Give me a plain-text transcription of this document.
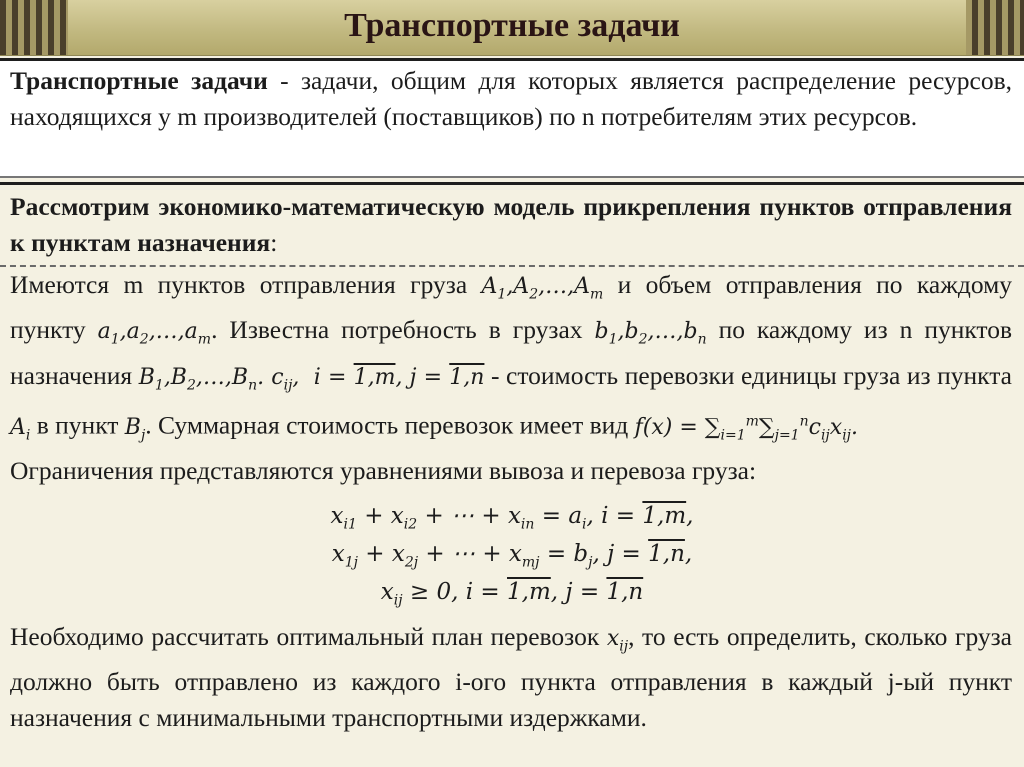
Транспортные задачи

Транспортные задачи - задачи, общим для которых является распределение ресурсов, находящихся у m производителей (поставщиков) по n потребителям этих ресурсов.

Рассмотрим экономико-математическую модель прикрепления пунктов отправления к пунктам назначения:

Имеются m пунктов отправления груза $A_1,A_2,\dots,A_m$ и объем отправления по каждому пункту $a_1,a_2,\dots,a_m$. Известна потребность в грузах $b_1,b_2,\dots,b_n$ по каждому из n пунктов назначения $B_1,B_2,\dots,B_n$. $c_{ij}$,  i = 1,m, j = 1,n - стоимость перевозки единицы груза из пункта $A_i$ в пункт $B_j$. Суммарная стоимость перевозок имеет вид $f(x) = \sum_{i=1}^m\sum_{j=1}^nc_{ij}x_{ij}$.
Ограничения представляются уравнениями вывоза и перевоза груза:

$x_{i1} + x_{i2}$ + ⋯ + $x_{in} = a_i$, i = 1,m,
$x_{1j} + x_{2j}$ + ⋯ + $x_{mj} = b_j$, j = 1,n,
$x_{ij} \ge 0$, i = 1,m, j = 1,n

Необходимо рассчитать оптимальный план перевозок $x_{ij}$, то есть определить, сколько груза должно быть отправлено из каждого i-ого пункта отправления в каждый j-ый пункт назначения с минимальными транспортными издержками.
